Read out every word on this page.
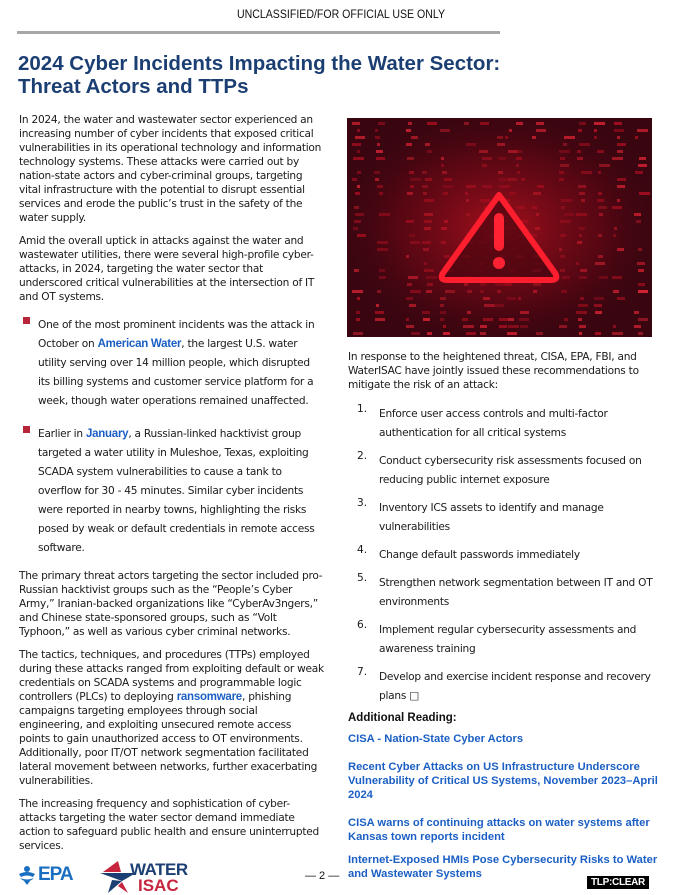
UNCLASSIFIED/FOR OFFICIAL USE ONLY
2024 Cyber Incidents Impacting the Water Sector:
Threat Actors and TTPs

In 2024, the water and wastewater sector experienced an increasing number of cyber incidents that exposed critical vulnerabilities in its operational technology and information technology systems. These attacks were carried out by nation-state actors and cyber-criminal groups, targeting vital infrastructure with the potential to disrupt essential services and erode the public’s trust in the safety of the water supply.

Amid the overall uptick in attacks against the water and wastewater utilities, there were several high-profile cyber-attacks, in 2024, targeting the water sector that underscored critical vulnerabilities at the intersection of IT and OT systems.

One of the most prominent incidents was the attack in October on American Water, the largest U.S. water utility serving over 14 million people, which disrupted its billing systems and customer service platform for a week, though water operations remained unaffected.
Earlier in January, a Russian-linked hacktivist group targeted a water utility in Muleshoe, Texas, exploiting SCADA system vulnerabilities to cause a tank to overflow for 30 - 45 minutes. Similar cyber incidents were reported in nearby towns, highlighting the risks posed by weak or default credentials in remote access software.

The primary threat actors targeting the sector included pro-Russian hacktivist groups such as the “People’s Cyber Army,” Iranian-backed organizations like “CyberAv3ngers,” and Chinese state-sponsored groups, such as “Volt Typhoon,” as well as various cyber criminal networks.

The tactics, techniques, and procedures (TTPs) employed during these attacks ranged from exploiting default or weak credentials on SCADA systems and programmable logic controllers (PLCs) to deploying ransomware, phishing campaigns targeting employees through social engineering, and exploiting unsecured remote access points to gain unauthorized access to OT environments. Additionally, poor IT/OT network segmentation facilitated lateral movement between networks, further exacerbating vulnerabilities.

The increasing frequency and sophistication of cyber-attacks targeting the water sector demand immediate action to safeguard public health and ensure uninterrupted services.

In response to the heightened threat, CISA, EPA, FBI, and WaterISAC have jointly issued these recommendations to mitigate the risk of an attack:

1. Enforce user access controls and multi-factor authentication for all critical systems
2. Conduct cybersecurity risk assessments focused on reducing public internet exposure
3. Inventory ICS assets to identify and manage vulnerabilities
4. Change default passwords immediately
5. Strengthen network segmentation between IT and OT environments
6. Implement regular cybersecurity assessments and awareness training
7. Develop and exercise incident response and recovery plans □
Additional Reading:
CISA - Nation-State Cyber Actors
Recent Cyber Attacks on US Infrastructure Underscore Vulnerability of Critical US Systems, November 2023–April 2024
CISA warns of continuing attacks on water systems after Kansas town reports incident
Internet-Exposed HMIs Pose Cybersecurity Risks to Water and Wastewater Systems
EPA	WATER
ISAC	— 2 —
TLP:CLEAR
